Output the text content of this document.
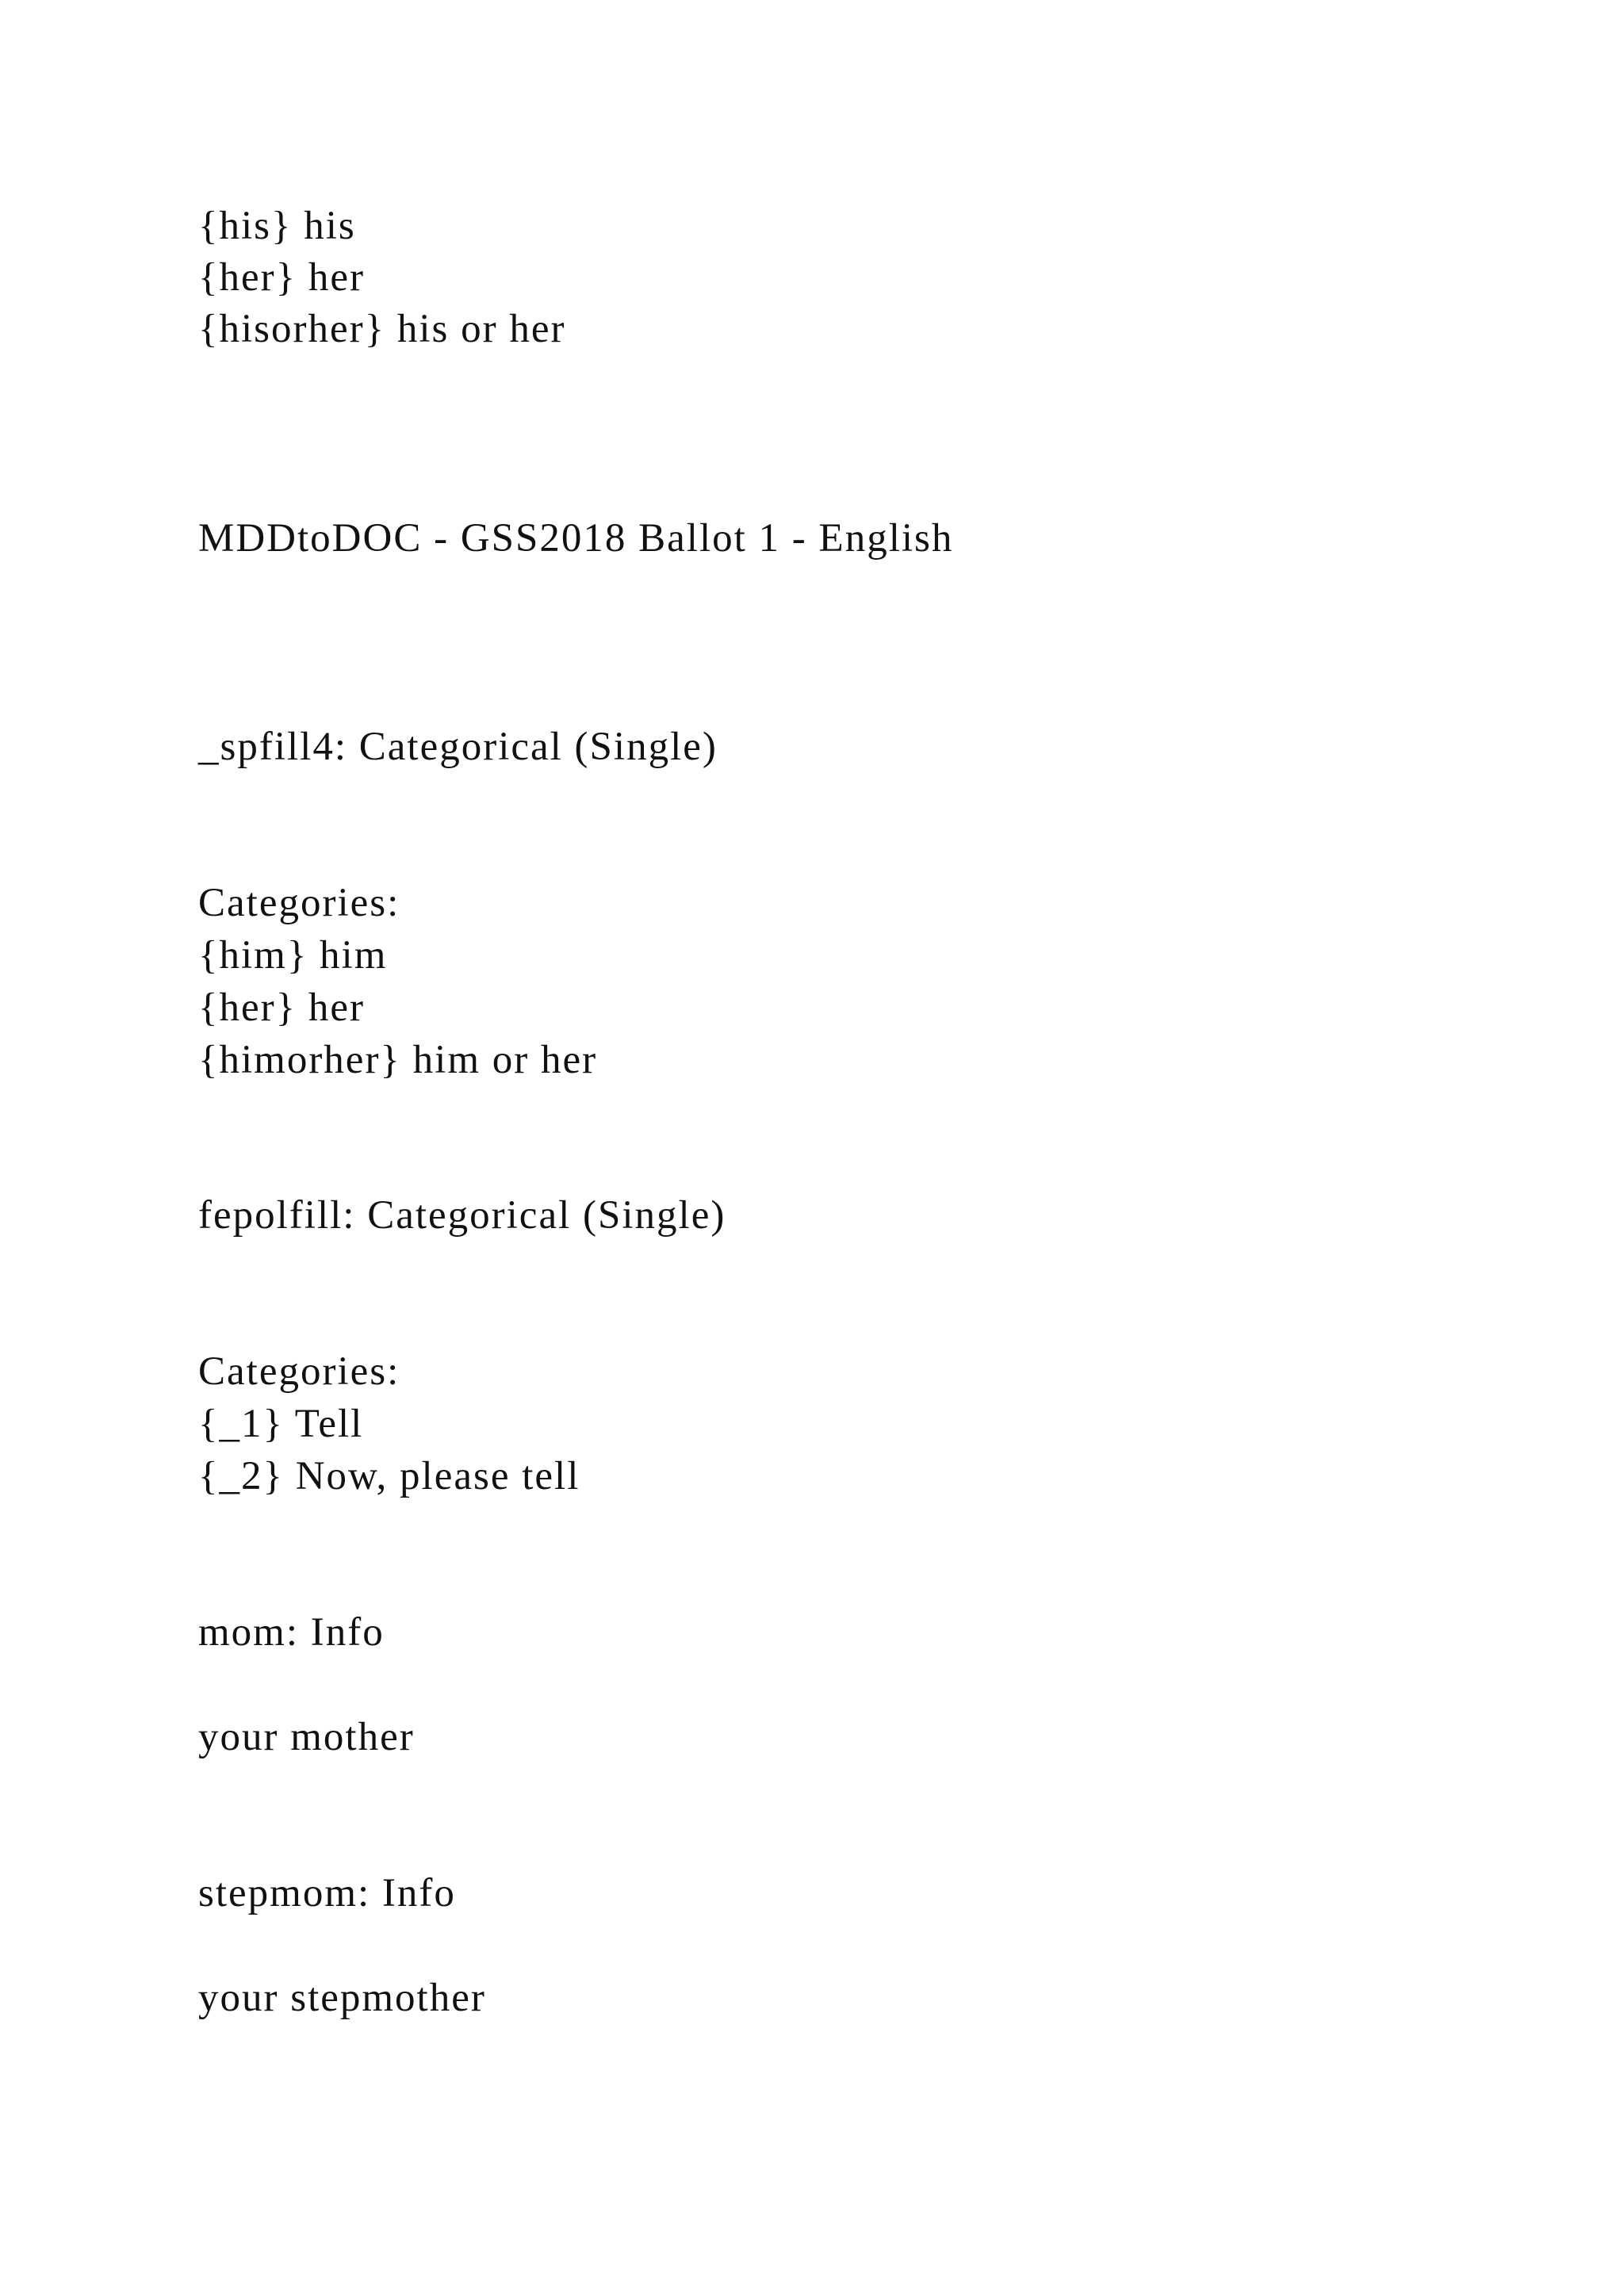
{his} his
{her} her
{hisorher} his or her
MDDtoDOC - GSS2018 Ballot 1 - English
_spfill4: Categorical (Single)
Categories:
{him} him
{her} her
{himorher} him or her
fepolfill: Categorical (Single)
Categories:
{_1} Tell
{_2} Now, please tell
mom: Info
your mother
stepmom: Info
your stepmother
